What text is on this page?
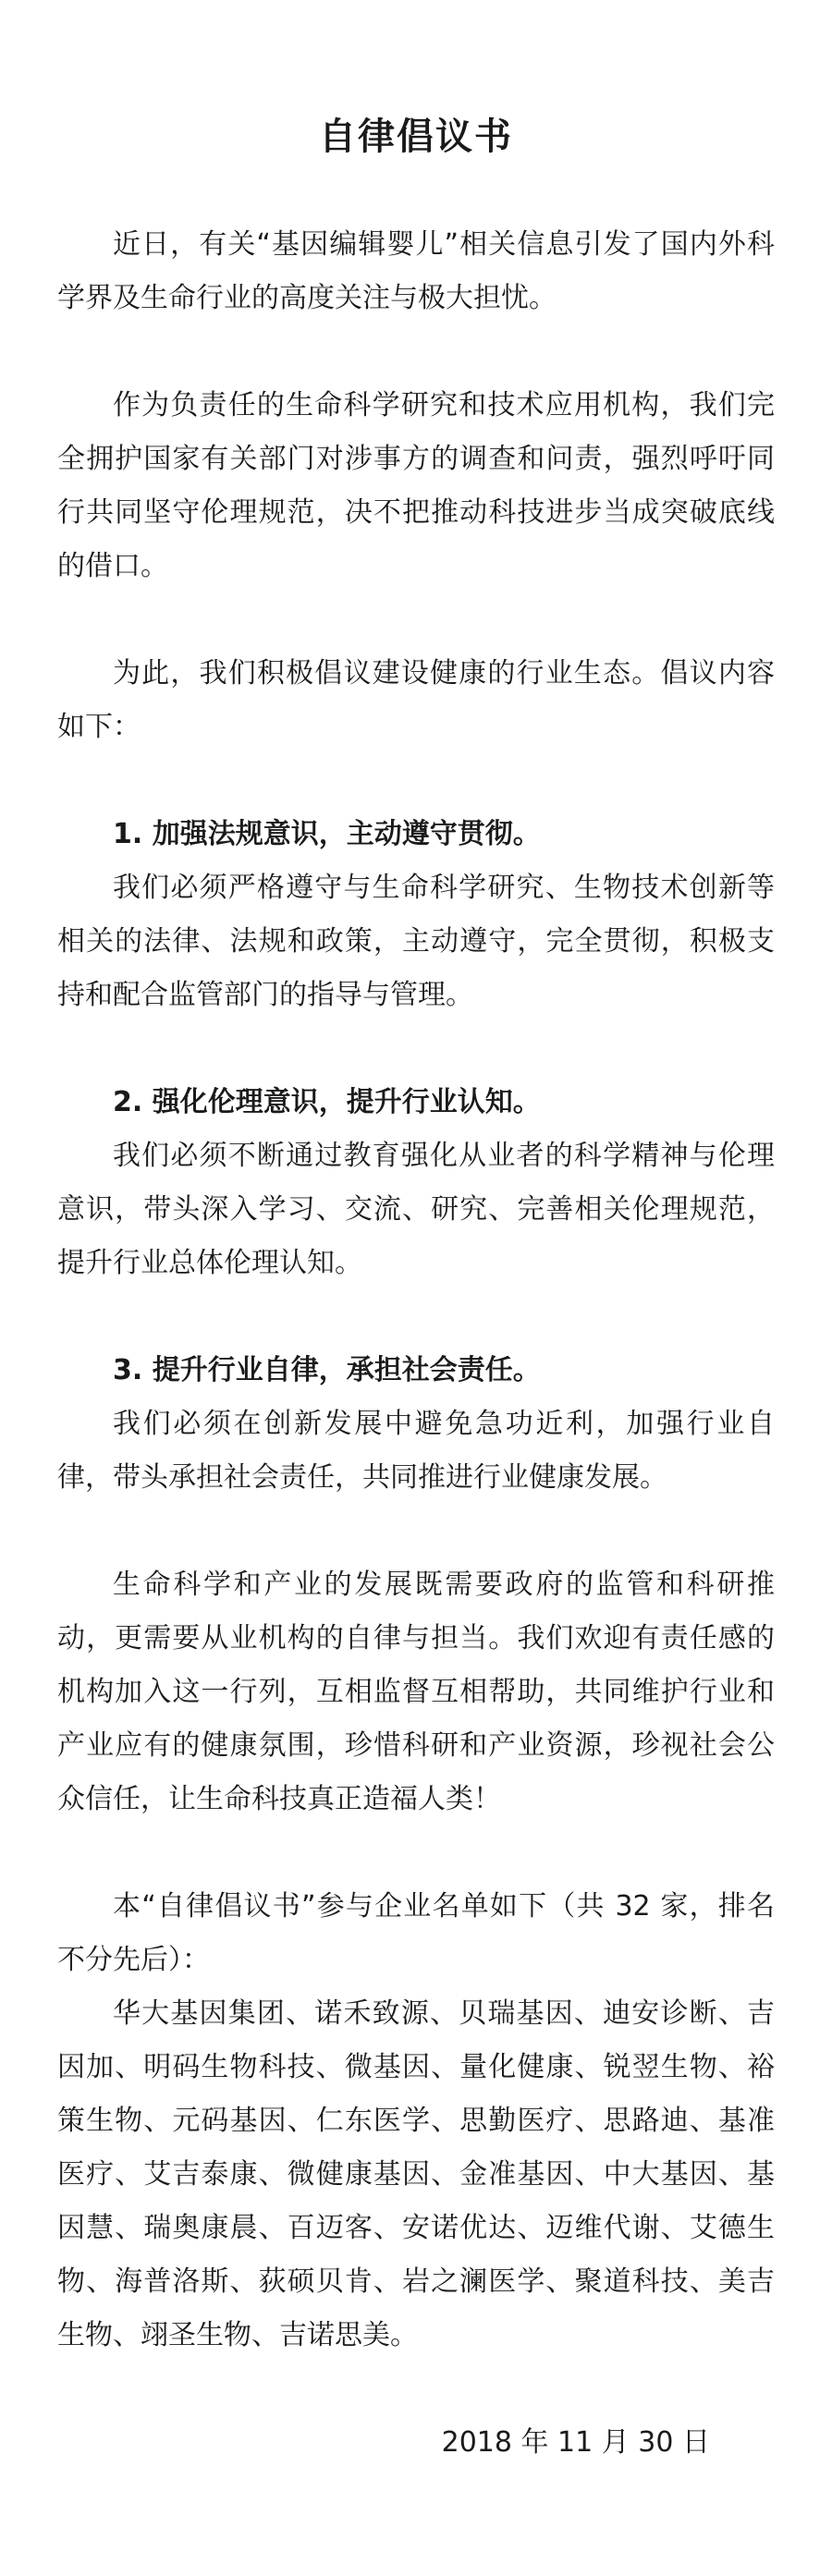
自律倡议书

近日，有关“基因编辑婴儿”相关信息引发了国内外科学界及生命行业的高度关注与极大担忧。

作为负责任的生命科学研究和技术应用机构，我们完全拥护国家有关部门对涉事方的调查和问责，强烈呼吁同行共同坚守伦理规范，决不把推动科技进步当成突破底线的借口。

为此，我们积极倡议建设健康的行业生态。倡议内容如下：

1. 加强法规意识，主动遵守贯彻。

我们必须严格遵守与生命科学研究、生物技术创新等相关的法律、法规和政策，主动遵守，完全贯彻，积极支持和配合监管部门的指导与管理。

2. 强化伦理意识，提升行业认知。

我们必须不断通过教育强化从业者的科学精神与伦理意识，带头深入学习、交流、研究、完善相关伦理规范，提升行业总体伦理认知。

3. 提升行业自律，承担社会责任。

我们必须在创新发展中避免急功近利，加强行业自律，带头承担社会责任，共同推进行业健康发展。

生命科学和产业的发展既需要政府的监管和科研推动，更需要从业机构的自律与担当。我们欢迎有责任感的机构加入这一行列，互相监督互相帮助，共同维护行业和产业应有的健康氛围，珍惜科研和产业资源，珍视社会公众信任，让生命科技真正造福人类！

本“自律倡议书”参与企业名单如下（共 32 家，排名不分先后）：

华大基因集团、诺禾致源、贝瑞基因、迪安诊断、吉因加、明码生物科技、微基因、量化健康、锐翌生物、裕策生物、元码基因、仁东医学、思勤医疗、思路迪、基准医疗、艾吉泰康、微健康基因、金准基因、中大基因、基因慧、瑞奥康晨、百迈客、安诺优达、迈维代谢、艾德生物、海普洛斯、荻硕贝肯、岩之澜医学、聚道科技、美吉生物、翊圣生物、吉诺思美。

2018 年 11 月 30 日
